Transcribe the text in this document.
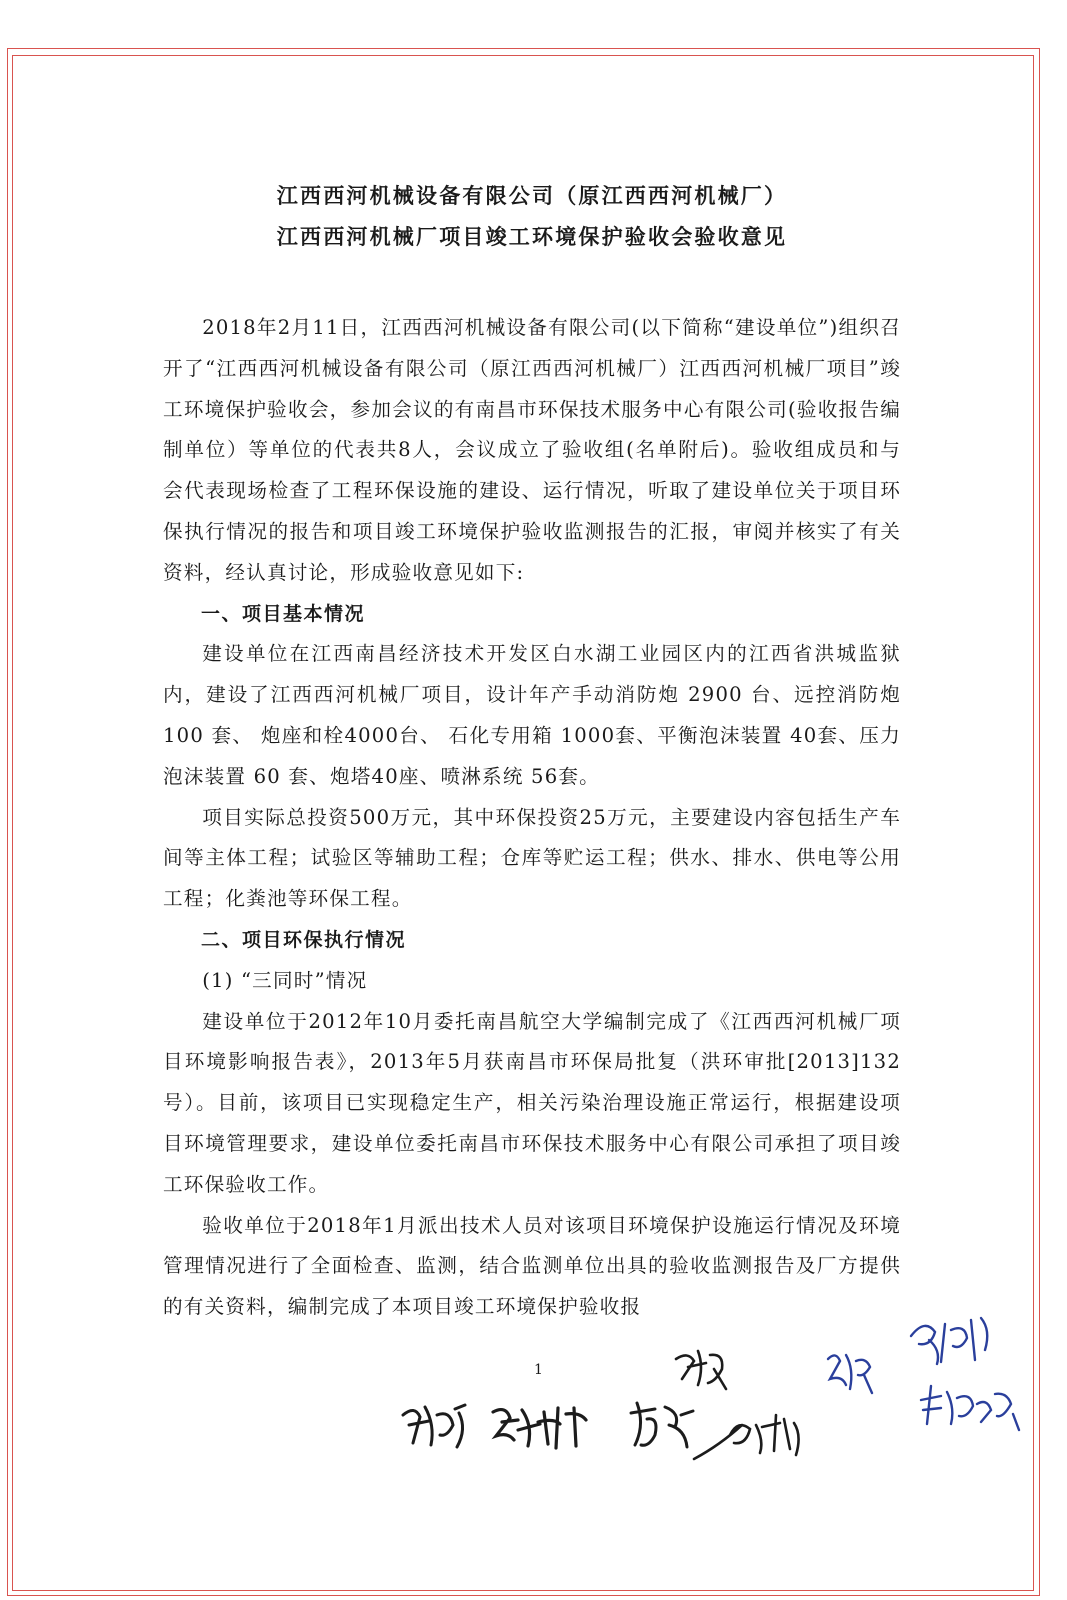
江西西河机械设备有限公司（原江西西河机械厂）
江西西河机械厂项目竣工环境保护验收会验收意见

2018年2月11日，江西西河机械设备有限公司(以下简称“建设单位”)组织召开了“江西西河机械设备有限公司（原江西西河机械厂）江西西河机械厂项目”竣工环境保护验收会，参加会议的有南昌市环保技术服务中心有限公司(验收报告编制单位）等单位的代表共8人，会议成立了验收组(名单附后)。验收组成员和与会代表现场检查了工程环保设施的建设、运行情况，听取了建设单位关于项目环保执行情况的报告和项目竣工环境保护验收监测报告的汇报，审阅并核实了有关资料，经认真讨论，形成验收意见如下:

一、项目基本情况

建设单位在江西南昌经济技术开发区白水湖工业园区内的江西省洪城监狱内，建设了江西西河机械厂项目，设计年产手动消防炮 2900 台、远控消防炮 100 套、 炮座和栓4000台、 石化专用箱 1000套、平衡泡沫装置 40套、压力泡沫装置 60 套、炮塔40座、喷淋系统 56套。

项目实际总投资500万元，其中环保投资25万元，主要建设内容包括生产车间等主体工程；试验区等辅助工程；仓库等贮运工程；供水、排水、供电等公用工程；化粪池等环保工程。

二、项目环保执行情况

(1) “三同时”情况

建设单位于2012年10月委托南昌航空大学编制完成了《江西西河机械厂项目环境影响报告表》，2013年5月获南昌市环保局批复（洪环审批[2013]132号）。目前，该项目已实现稳定生产，相关污染治理设施正常运行，根据建设项目环境管理要求，建设单位委托南昌市环保技术服务中心有限公司承担了项目竣工环保验收工作。

验收单位于2018年1月派出技术人员对该项目环境保护设施运行情况及环境管理情况进行了全面检查、监测，结合监测单位出具的验收监测报告及厂方提供的有关资料，编制完成了本项目竣工环境保护验收报

1
